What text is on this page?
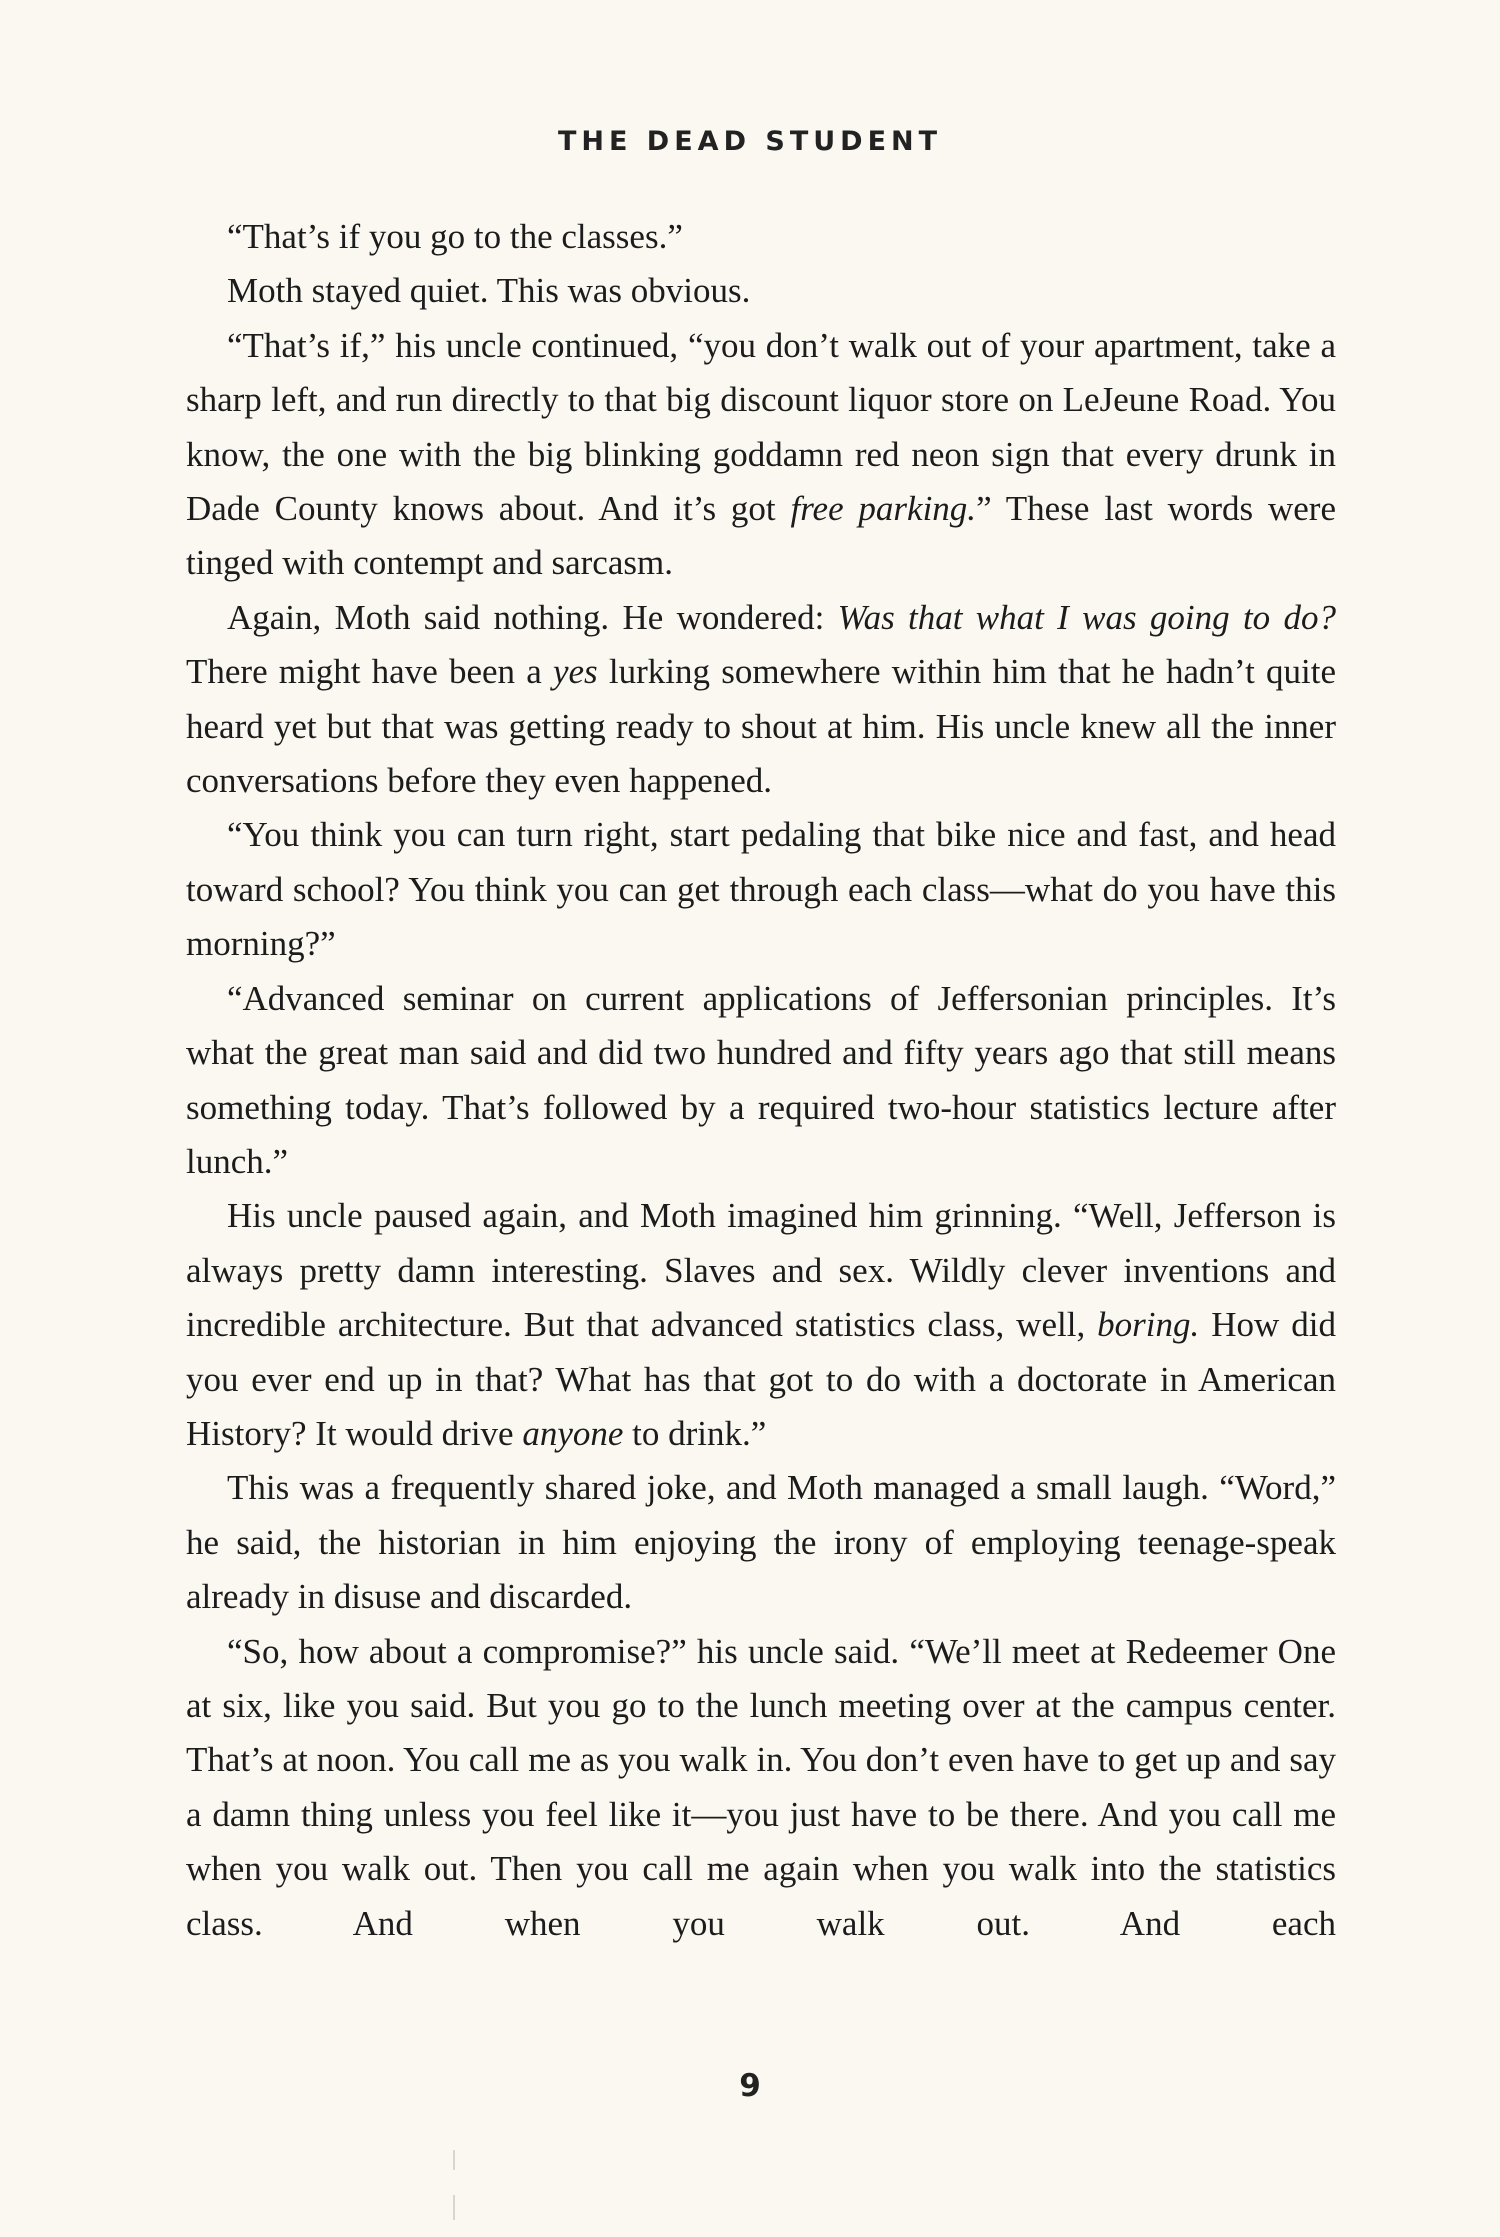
THE DEAD STUDENT

“That’s if you go to the classes.”

Moth stayed quiet. This was obvious.

“That’s if,” his uncle continued, “you don’t walk out of your apartment, take a sharp left, and run directly to that big discount liquor store on LeJeune Road. You know, the one with the big blinking goddamn red neon sign that every drunk in Dade County knows about. And it’s got free parking.” These last words were tinged with contempt and sarcasm.

Again, Moth said nothing. He wondered: Was that what I was going to do? There might have been a yes lurking somewhere within him that he hadn’t quite heard yet but that was getting ready to shout at him. His uncle knew all the inner conversations before they even happened.

“You think you can turn right, start pedaling that bike nice and fast, and head toward school? You think you can get through each class—what do you have this morning?”

“Advanced seminar on current applications of Jeffersonian principles. It’s what the great man said and did two hundred and fifty years ago that still means something today. That’s followed by a required two-hour statistics lecture after lunch.”

His uncle paused again, and Moth imagined him grinning. “Well, Jefferson is always pretty damn interesting. Slaves and sex. Wildly clever inventions and incredible architecture. But that advanced statistics class, well, boring. How did you ever end up in that? What has that got to do with a doctorate in American History? It would drive anyone to drink.”

This was a frequently shared joke, and Moth managed a small laugh. “Word,” he said, the historian in him enjoying the irony of employing teenage-speak already in disuse and discarded.

“So, how about a compromise?” his uncle said. “We’ll meet at Redeemer One at six, like you said. But you go to the lunch meeting over at the campus center. That’s at noon. You call me as you walk in. You don’t even have to get up and say a damn thing unless you feel like it—you just have to be there. And you call me when you walk out. Then you call me again when you walk into the statistics class. And when you walk out. And each

9
